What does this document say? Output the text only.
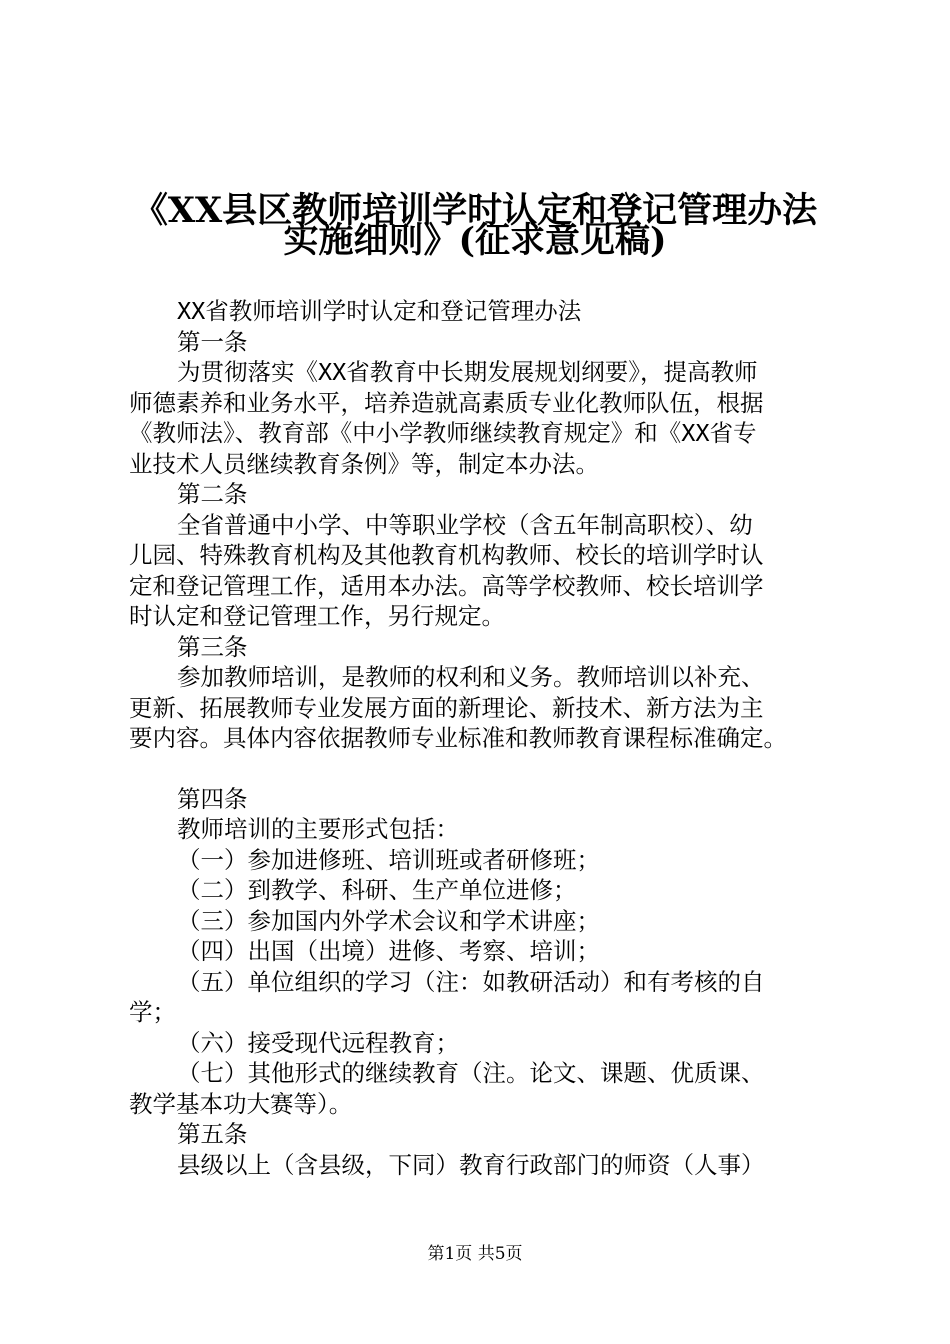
《XX县区教师培训学时认定和登记管理办法
实施细则》(征求意见稿)
XX省教师培训学时认定和登记管理办法
第一条
为贯彻落实《XX省教育中长期发展规划纲要》，提高教师
师德素养和业务水平，培养造就高素质专业化教师队伍，根据
《教师法》、教育部《中小学教师继续教育规定》和《XX省专
业技术人员继续教育条例》等，制定本办法。
第二条
全省普通中小学、中等职业学校（含五年制高职校）、幼
儿园、特殊教育机构及其他教育机构教师、校长的培训学时认
定和登记管理工作，适用本办法。高等学校教师、校长培训学
时认定和登记管理工作，另行规定。
第三条
参加教师培训，是教师的权利和义务。教师培训以补充、
更新、拓展教师专业发展方面的新理论、新技术、新方法为主
要内容。具体内容依据教师专业标准和教师教育课程标准确定。
第四条
教师培训的主要形式包括：
（一）参加进修班、培训班或者研修班；
（二）到教学、科研、生产单位进修；
（三）参加国内外学术会议和学术讲座；
（四）出国（出境）进修、考察、培训；
（五）单位组织的学习（注：如教研活动）和有考核的自
学；
（六）接受现代远程教育；
（七）其他形式的继续教育（注。论文、课题、优质课、
教学基本功大赛等）。
第五条
县级以上（含县级，下同）教育行政部门的师资（人事）
第1页 共5页
